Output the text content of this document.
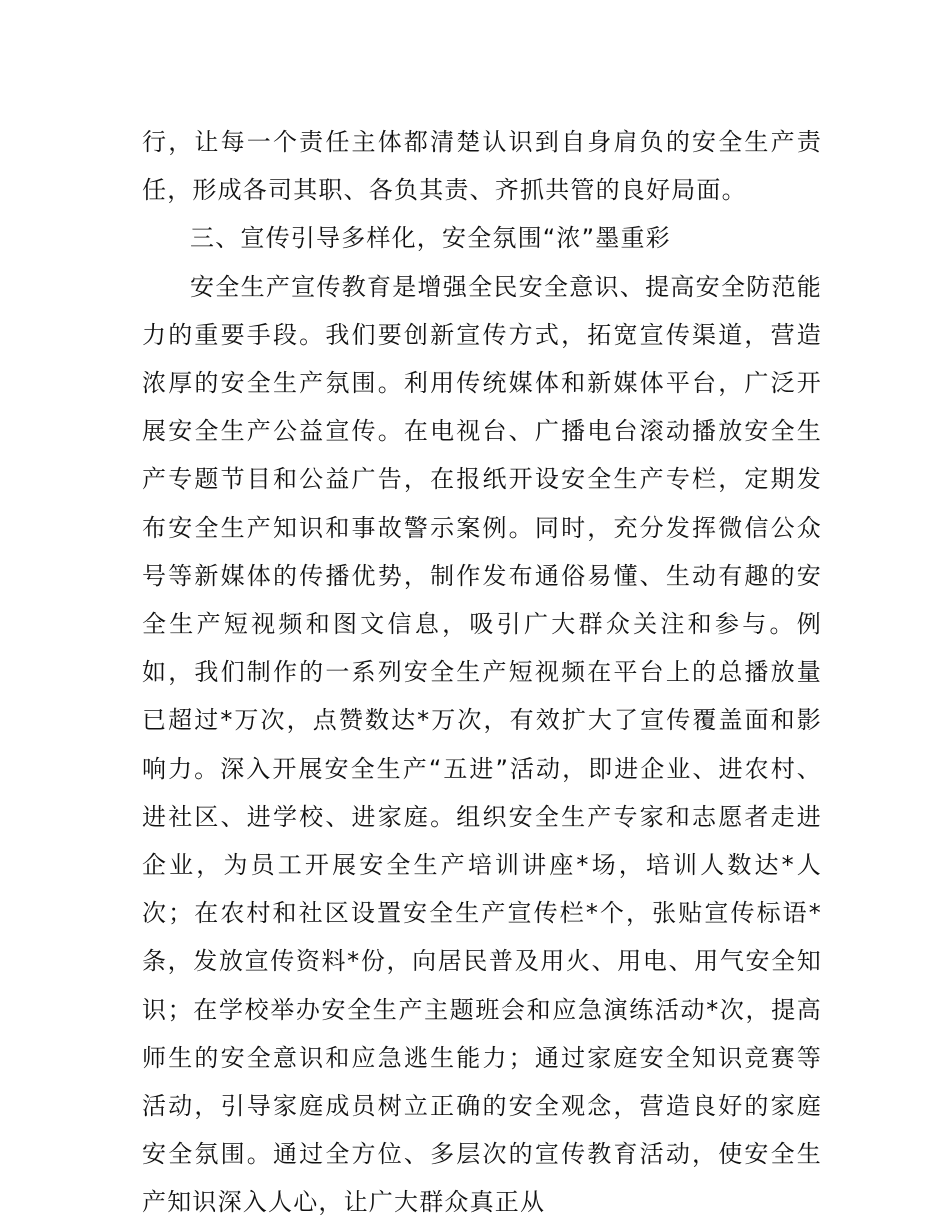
行，让每一个责任主体都清楚认识到自身肩负的安全生产责任，形成各司其职、各负其责、齐抓共管的良好局面。

三、宣传引导多样化，安全氛围“浓”墨重彩

安全生产宣传教育是增强全民安全意识、提高安全防范能力的重要手段。我们要创新宣传方式，拓宽宣传渠道，营造浓厚的安全生产氛围。利用传统媒体和新媒体平台，广泛开展安全生产公益宣传。在电视台、广播电台滚动播放安全生产专题节目和公益广告，在报纸开设安全生产专栏，定期发布安全生产知识和事故警示案例。同时，充分发挥微信公众号等新媒体的传播优势，制作发布通俗易懂、生动有趣的安全生产短视频和图文信息，吸引广大群众关注和参与。例如，我们制作的一系列安全生产短视频在平台上的总播放量已超过*万次，点赞数达*万次，有效扩大了宣传覆盖面和影响力。深入开展安全生产“五进”活动，即进企业、进农村、进社区、进学校、进家庭。组织安全生产专家和志愿者走进企业，为员工开展安全生产培训讲座*场，培训人数达*人次；在农村和社区设置安全生产宣传栏*个，张贴宣传标语*条，发放宣传资料*份，向居民普及用火、用电、用气安全知识；在学校举办安全生产主题班会和应急演练活动*次，提高师生的安全意识和应急逃生能力；通过家庭安全知识竞赛等活动，引导家庭成员树立正确的安全观念，营造良好的家庭安全氛围。通过全方位、多层次的宣传教育活动，使安全生产知识深入人心，让广大群众真正从
